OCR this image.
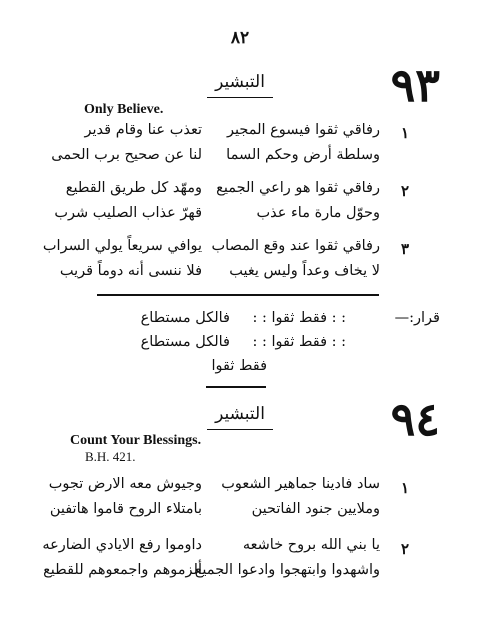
٨٢
٩٣
التبشير
Only Believe.
١
رفاقي ثقوا فيسوع المجير
وسلطة أرض وحكم السما
تعذب عنا وقام قدير
لنا عن صحيح برب الحمى
٢
رفاقي ثقوا هو راعي الجميع
وحوّل مارة ماء عذب
ومهّد كل طريق القطيع
قهرّ عذاب الصليب شرب
٣
رفاقي ثقوا عند وقع المصاب
لا يخاف وعداً وليس يغيب
يوافي سريعاً يولي السراب
فلا ننسى أنه دوماً قريب
قرار:—
: : فقط ثقوا : :
فالكل مستطاع
: : فقط ثقوا : :
فالكل مستطاع
فقط ثقوا
٩٤
التبشير
Count Your Blessings.
B.H. 421.
١
ساد فادينا جماهير الشعوب
وملايين جنود الفاتحين
وجيوش معه الارض تجوب
بامتلاء الروح قاموا هاتفين
٢
يا بني الله بروح خاشعه
واشهدوا وابتهجوا وادعوا الجميع
داوموا رفع الايادي الضارعه
ألزموهم واجمعوهم للقطيع
